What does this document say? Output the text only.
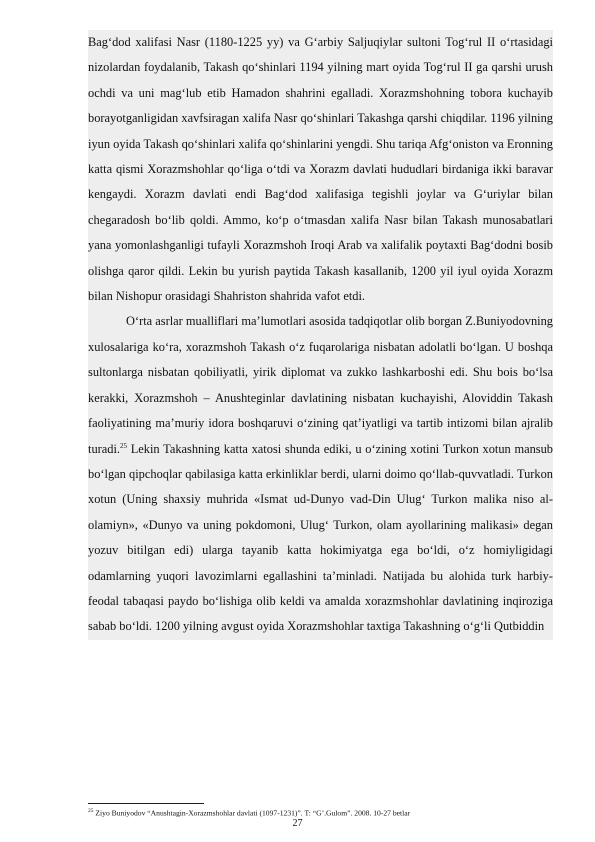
Bag‘dod xalifasi Nasr (1180-1225 yy) va G‘arbiy Saljuqiylar sultoni Tog‘rul II o‘rtasidagi nizolardan foydalanib, Takash qo‘shinlari 1194 yilning mart oyida Tog‘rul II ga qarshi urush ochdi va uni mag‘lub etib Hamadon shahrini egalladi. Xorazmshohning tobora kuchayib borayotganligidan xavfsiragan xalifa Nasr qo‘shinlari Takashga qarshi chiqdilar. 1196 yilning iyun oyida Takash qo‘shinlari xalifa qo‘shinlarini yengdi. Shu tariqa Afg‘oniston va Eronning katta qismi Xorazmshohlar qo‘liga o‘tdi va Xorazm davlati hududlari birdaniga ikki baravar kengaydi. Xorazm davlati endi Bag‘dod xalifasiga tegishli joylar va G‘uriylar bilan chegaradosh bo‘lib qoldi. Ammo, ko‘p o‘tmasdan xalifa Nasr bilan Takash munosabatlari yana yomonlashganligi tufayli Xorazmshoh Iroqi Arab va xalifalik poytaxti Bag‘dodni bosib olishga qaror qildi. Lekin bu yurish paytida Takash kasallanib, 1200 yil iyul oyida Xorazm bilan Nishopur orasidagi Shahriston shahrida vafot etdi.

O‘rta asrlar mualliflari ma’lumotlari asosida tadqiqotlar olib borgan Z.Buniyodovning xulosalariga ko‘ra, xorazmshoh Takash o‘z fuqarolariga nisbatan adolatli bo‘lgan. U boshqa sultonlarga nisbatan qobiliyatli, yirik diplomat va zukko lashkarboshi edi. Shu bois bo‘lsa kerakki, Xorazmshoh – Anushteginlar davlatining nisbatan kuchayishi, Aloviddin Takash faoliyatining ma’muriy idora boshqaruvi o‘zining qat’iyatligi va tartib intizomi bilan ajralib turadi.$^{25}$ Lekin Takashning katta xatosi shunda ediki, u o‘zining xotini Turkon xotun mansub bo‘lgan qipchoqlar qabilasiga katta erkinliklar berdi, ularni doimo qo‘llab-quvvatladi. Turkon xotun (Uning shaxsiy muhrida «Ismat ud-Dunyo vad-Din Ulug‘ Turkon malika niso al-olamiyn», «Dunyo va uning pokdomoni, Ulug‘ Turkon, olam ayollarining malikasi» degan yozuv bitilgan edi) ularga tayanib katta hokimiyatga ega bo‘ldi, o‘z homiyligidagi odamlarning yuqori lavozimlarni egallashini ta’minladi. Natijada bu alohida turk harbiy-feodal tabaqasi paydo bo‘lishiga olib keldi va amalda xorazmshohlar davlatining inqiroziga sabab bo‘ldi. 1200 yilning avgust oyida Xorazmshohlar taxtiga Takashning o‘g‘li Qutbiddin

$^{25}$ Ziyo Buniyodov “Anushtagin-Xorazmshohlar davlati (1097-1231)”. T: “G’.Gulom”. 2008. 10-27 betlar
27
